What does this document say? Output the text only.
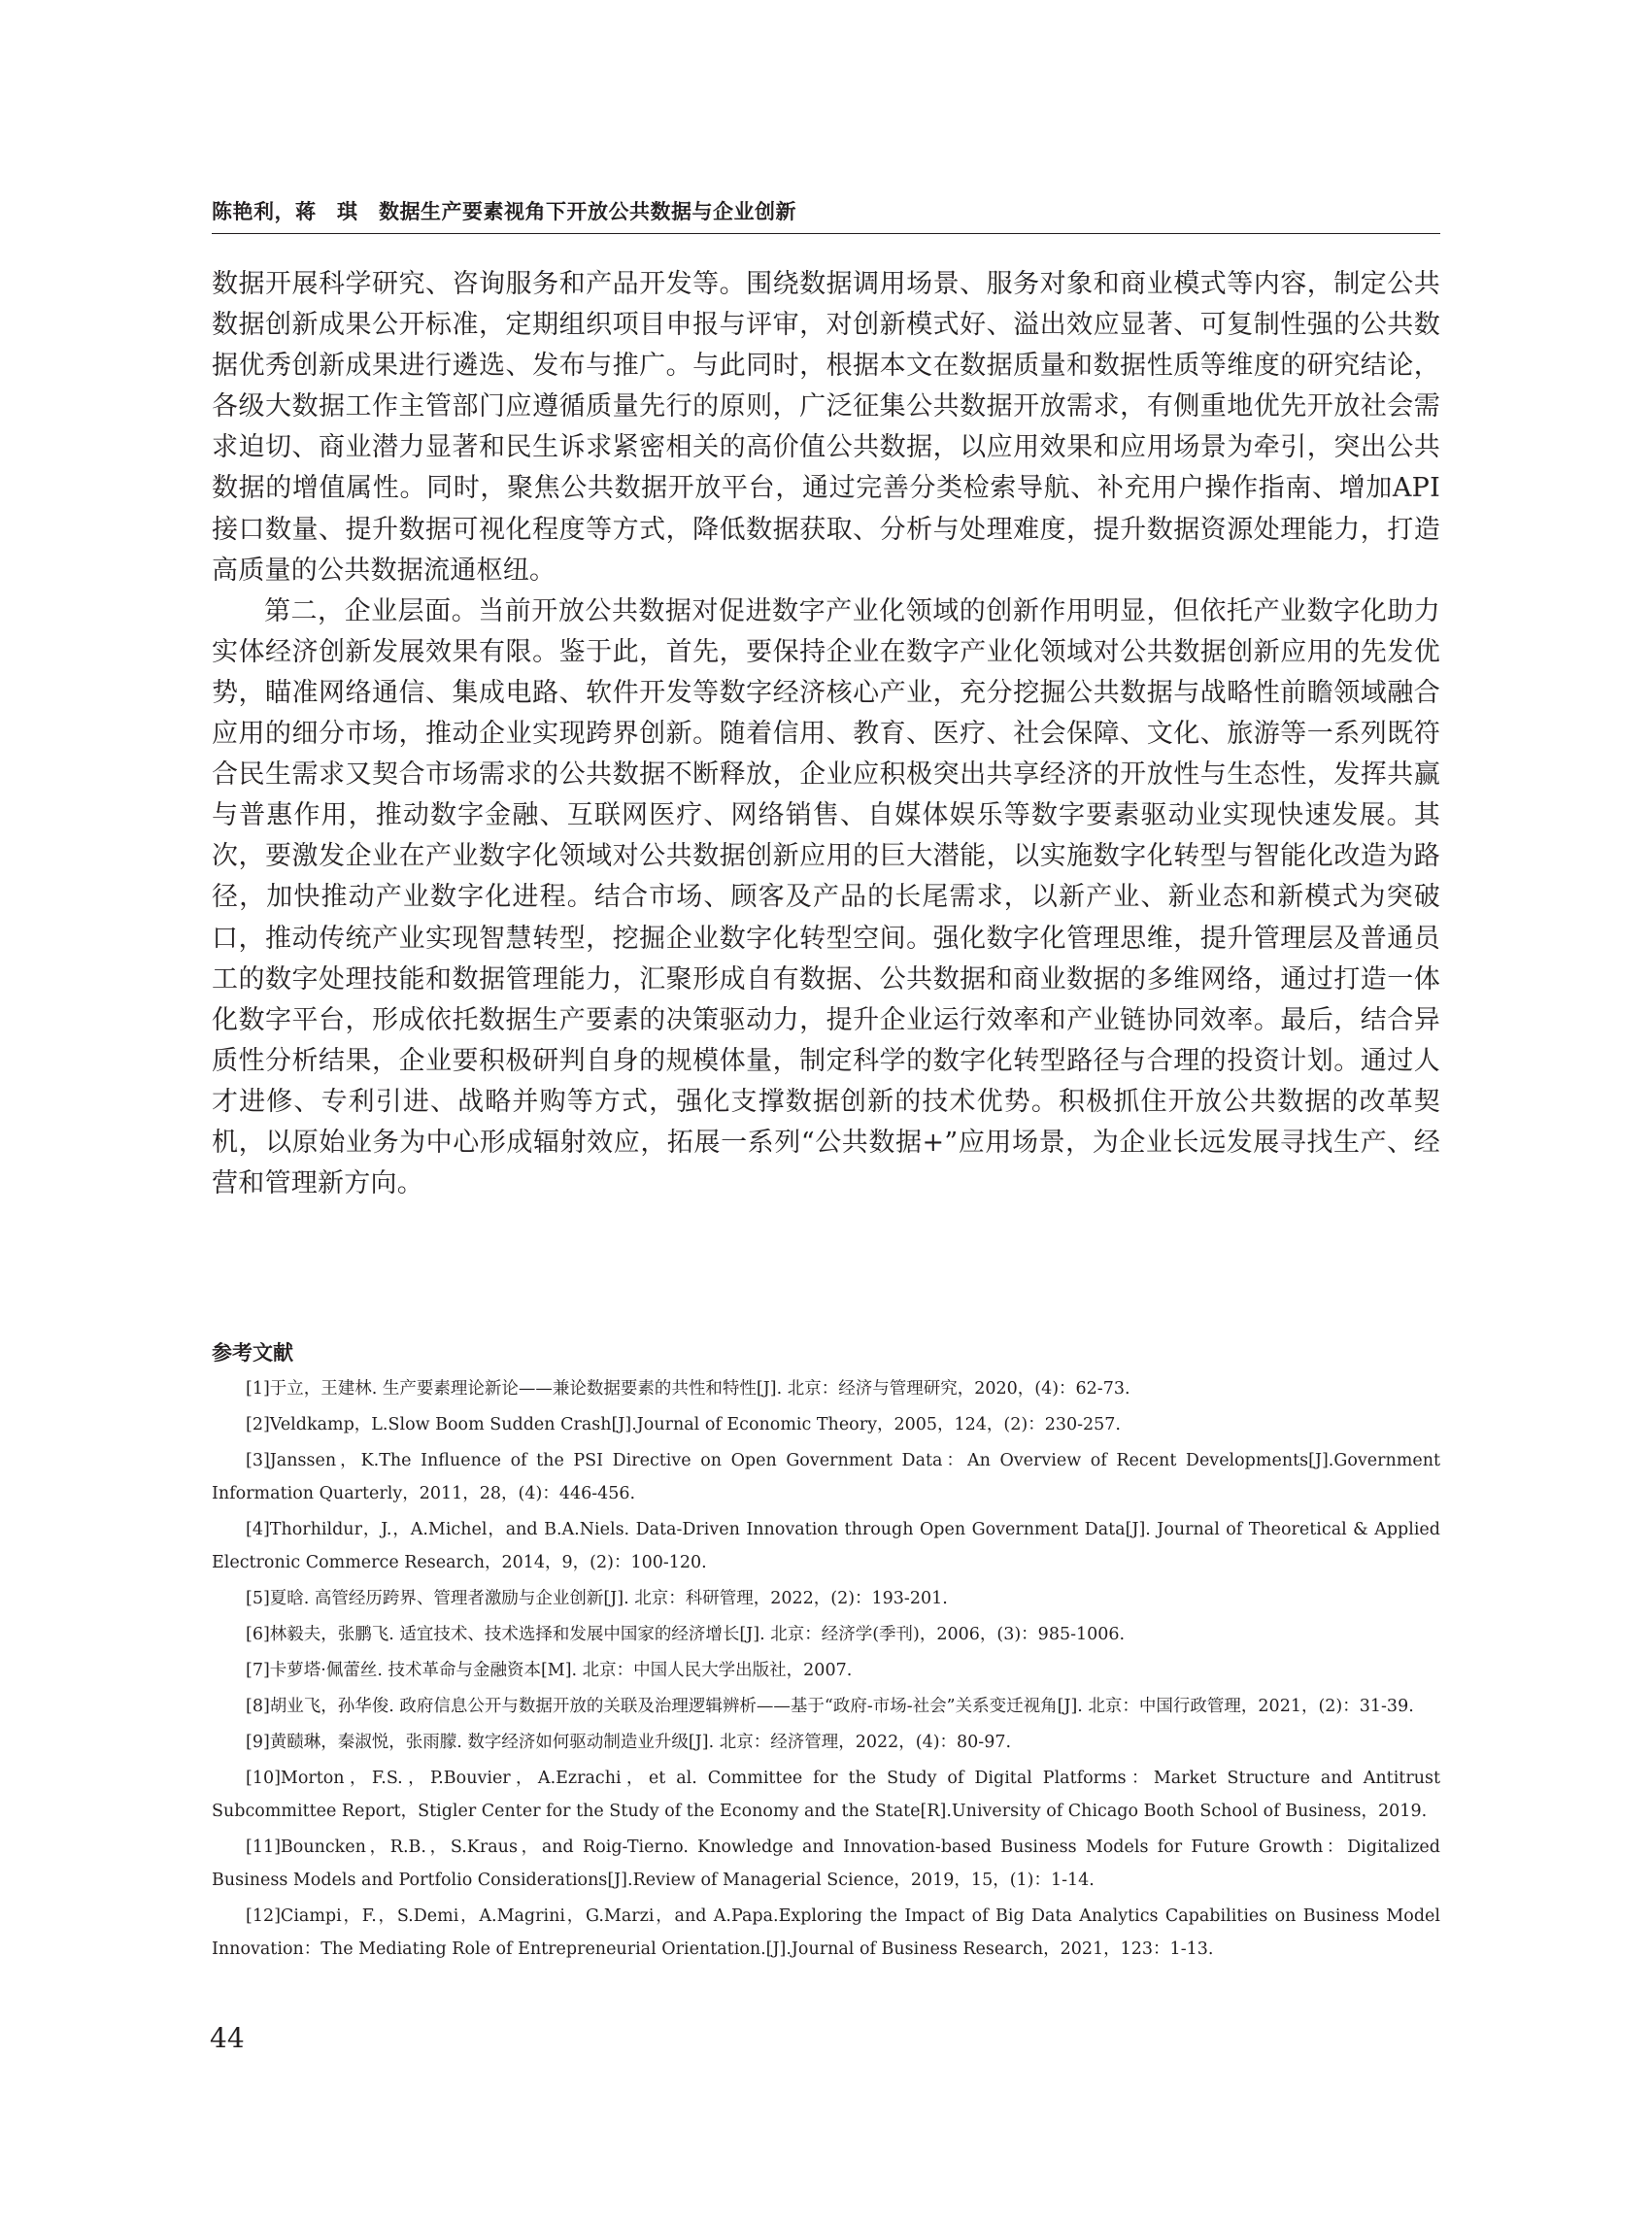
陈艳利，蒋　琪　数据生产要素视角下开放公共数据与企业创新

数据开展科学研究、咨询服务和产品开发等。围绕数据调用场景、服务对象和商业模式等内容，制定公共数据创新成果公开标准，定期组织项目申报与评审，对创新模式好、溢出效应显著、可复制性强的公共数据优秀创新成果进行遴选、发布与推广。与此同时，根据本文在数据质量和数据性质等维度的研究结论，各级大数据工作主管部门应遵循质量先行的原则，广泛征集公共数据开放需求，有侧重地优先开放社会需求迫切、商业潜力显著和民生诉求紧密相关的高价值公共数据，以应用效果和应用场景为牵引，突出公共数据的增值属性。同时，聚焦公共数据开放平台，通过完善分类检索导航、补充用户操作指南、增加API接口数量、提升数据可视化程度等方式，降低数据获取、分析与处理难度，提升数据资源处理能力，打造高质量的公共数据流通枢纽。

第二，企业层面。当前开放公共数据对促进数字产业化领域的创新作用明显，但依托产业数字化助力实体经济创新发展效果有限。鉴于此，首先，要保持企业在数字产业化领域对公共数据创新应用的先发优势，瞄准网络通信、集成电路、软件开发等数字经济核心产业，充分挖掘公共数据与战略性前瞻领域融合应用的细分市场，推动企业实现跨界创新。随着信用、教育、医疗、社会保障、文化、旅游等一系列既符合民生需求又契合市场需求的公共数据不断释放，企业应积极突出共享经济的开放性与生态性，发挥共赢与普惠作用，推动数字金融、互联网医疗、网络销售、自媒体娱乐等数字要素驱动业实现快速发展。其次，要激发企业在产业数字化领域对公共数据创新应用的巨大潜能，以实施数字化转型与智能化改造为路径，加快推动产业数字化进程。结合市场、顾客及产品的长尾需求，以新产业、新业态和新模式为突破口，推动传统产业实现智慧转型，挖掘企业数字化转型空间。强化数字化管理思维，提升管理层及普通员工的数字处理技能和数据管理能力，汇聚形成自有数据、公共数据和商业数据的多维网络，通过打造一体化数字平台，形成依托数据生产要素的决策驱动力，提升企业运行效率和产业链协同效率。最后，结合异质性分析结果，企业要积极研判自身的规模体量，制定科学的数字化转型路径与合理的投资计划。通过人才进修、专利引进、战略并购等方式，强化支撑数据创新的技术优势。积极抓住开放公共数据的改革契机，以原始业务为中心形成辐射效应，拓展一系列“公共数据+”应用场景，为企业长远发展寻找生产、经营和管理新方向。

参考文献
[1]于立，王建林. 生产要素理论新论——兼论数据要素的共性和特性[J]. 北京：经济与管理研究，2020，(4)：62-73.
[2]Veldkamp，L.Slow Boom Sudden Crash[J].Journal of Economic Theory，2005，124，(2)：230-257.
[3]Janssen，K.The Influence of the PSI Directive on Open Government Data：An Overview of Recent Developments[J].Government Information Quarterly，2011，28，(4)：446-456.
[4]Thorhildur，J.，A.Michel，and B.A.Niels. Data-Driven Innovation through Open Government Data[J]. Journal of Theoretical & Applied Electronic Commerce Research，2014，9，(2)：100-120.
[5]夏晗. 高管经历跨界、管理者激励与企业创新[J]. 北京：科研管理，2022，(2)：193-201.
[6]林毅夫，张鹏飞. 适宜技术、技术选择和发展中国家的经济增长[J]. 北京：经济学(季刊)，2006，(3)：985-1006.
[7]卡萝塔·佩蕾丝. 技术革命与金融资本[M]. 北京：中国人民大学出版社，2007.
[8]胡业飞，孙华俊. 政府信息公开与数据开放的关联及治理逻辑辨析——基于“政府-市场-社会”关系变迁视角[J]. 北京：中国行政管理，2021，(2)：31-39.
[9]黄赜琳，秦淑悦，张雨朦. 数字经济如何驱动制造业升级[J]. 北京：经济管理，2022，(4)：80-97.
[10]Morton，F.S.，P.Bouvier，A.Ezrachi，et al. Committee for the Study of Digital Platforms：Market Structure and Antitrust Subcommittee Report，Stigler Center for the Study of the Economy and the State[R].University of Chicago Booth School of Business，2019.
[11]Bouncken，R.B.，S.Kraus，and Roig-Tierno. Knowledge and Innovation-based Business Models for Future Growth：Digitalized Business Models and Portfolio Considerations[J].Review of Managerial Science，2019，15，(1)：1-14.
[12]Ciampi，F.，S.Demi，A.Magrini，G.Marzi，and A.Papa.Exploring the Impact of Big Data Analytics Capabilities on Business Model Innovation：The Mediating Role of Entrepreneurial Orientation.[J].Journal of Business Research，2021，123：1-13.
44
